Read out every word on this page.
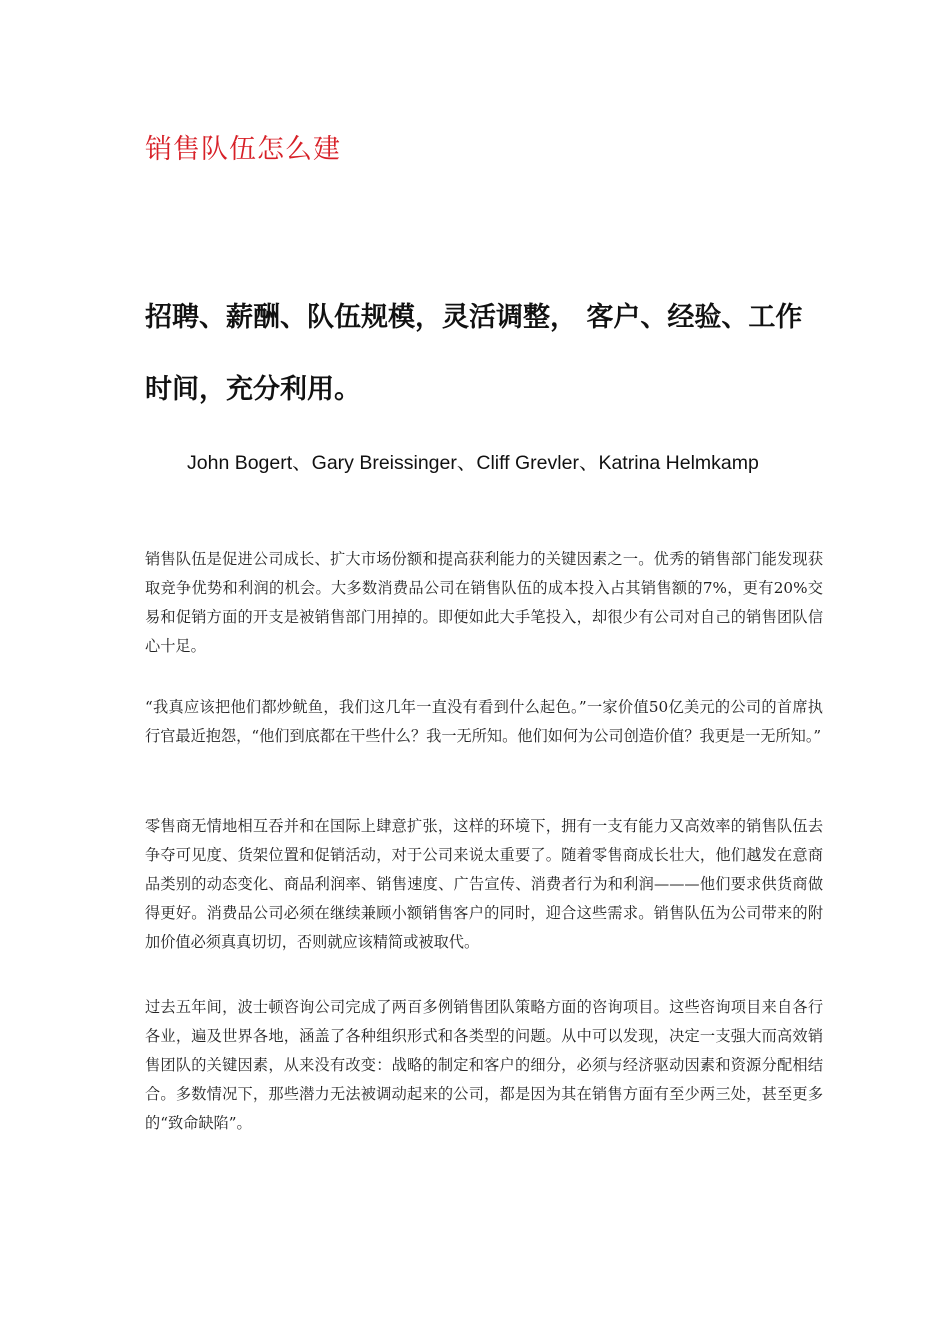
销售队伍怎么建
招聘、薪酬、队伍规模，灵活调整， 客户、经验、工作时间，充分利用。
John Bogert、Gary Breissinger、Cliff Grevler、Katrina Helmkamp

销售队伍是促进公司成长、扩大市场份额和提高获利能力的关键因素之一。优秀的销售部门能发现获取竞争优势和利润的机会。大多数消费品公司在销售队伍的成本投入占其销售额的7%，更有20%交易和促销方面的开支是被销售部门用掉的。即便如此大手笔投入，却很少有公司对自己的销售团队信心十足。

“我真应该把他们都炒鱿鱼，我们这几年一直没有看到什么起色。”一家价值50亿美元的公司的首席执行官最近抱怨，“他们到底都在干些什么？我一无所知。他们如何为公司创造价值？我更是一无所知。”

零售商无情地相互吞并和在国际上肆意扩张，这样的环境下，拥有一支有能力又高效率的销售队伍去争夺可见度、货架位置和促销活动，对于公司来说太重要了。随着零售商成长壮大，他们越发在意商品类别的动态变化、商品利润率、销售速度、广告宣传、消费者行为和利润———他们要求供货商做得更好。消费品公司必须在继续兼顾小额销售客户的同时，迎合这些需求。销售队伍为公司带来的附加价值必须真真切切，否则就应该精简或被取代。

过去五年间，波士顿咨询公司完成了两百多例销售团队策略方面的咨询项目。这些咨询项目来自各行各业，遍及世界各地，涵盖了各种组织形式和各类型的问题。从中可以发现，决定一支强大而高效销售团队的关键因素，从来没有改变：战略的制定和客户的细分，必须与经济驱动因素和资源分配相结合。多数情况下，那些潜力无法被调动起来的公司，都是因为其在销售方面有至少两三处，甚至更多的“致命缺陷”。
